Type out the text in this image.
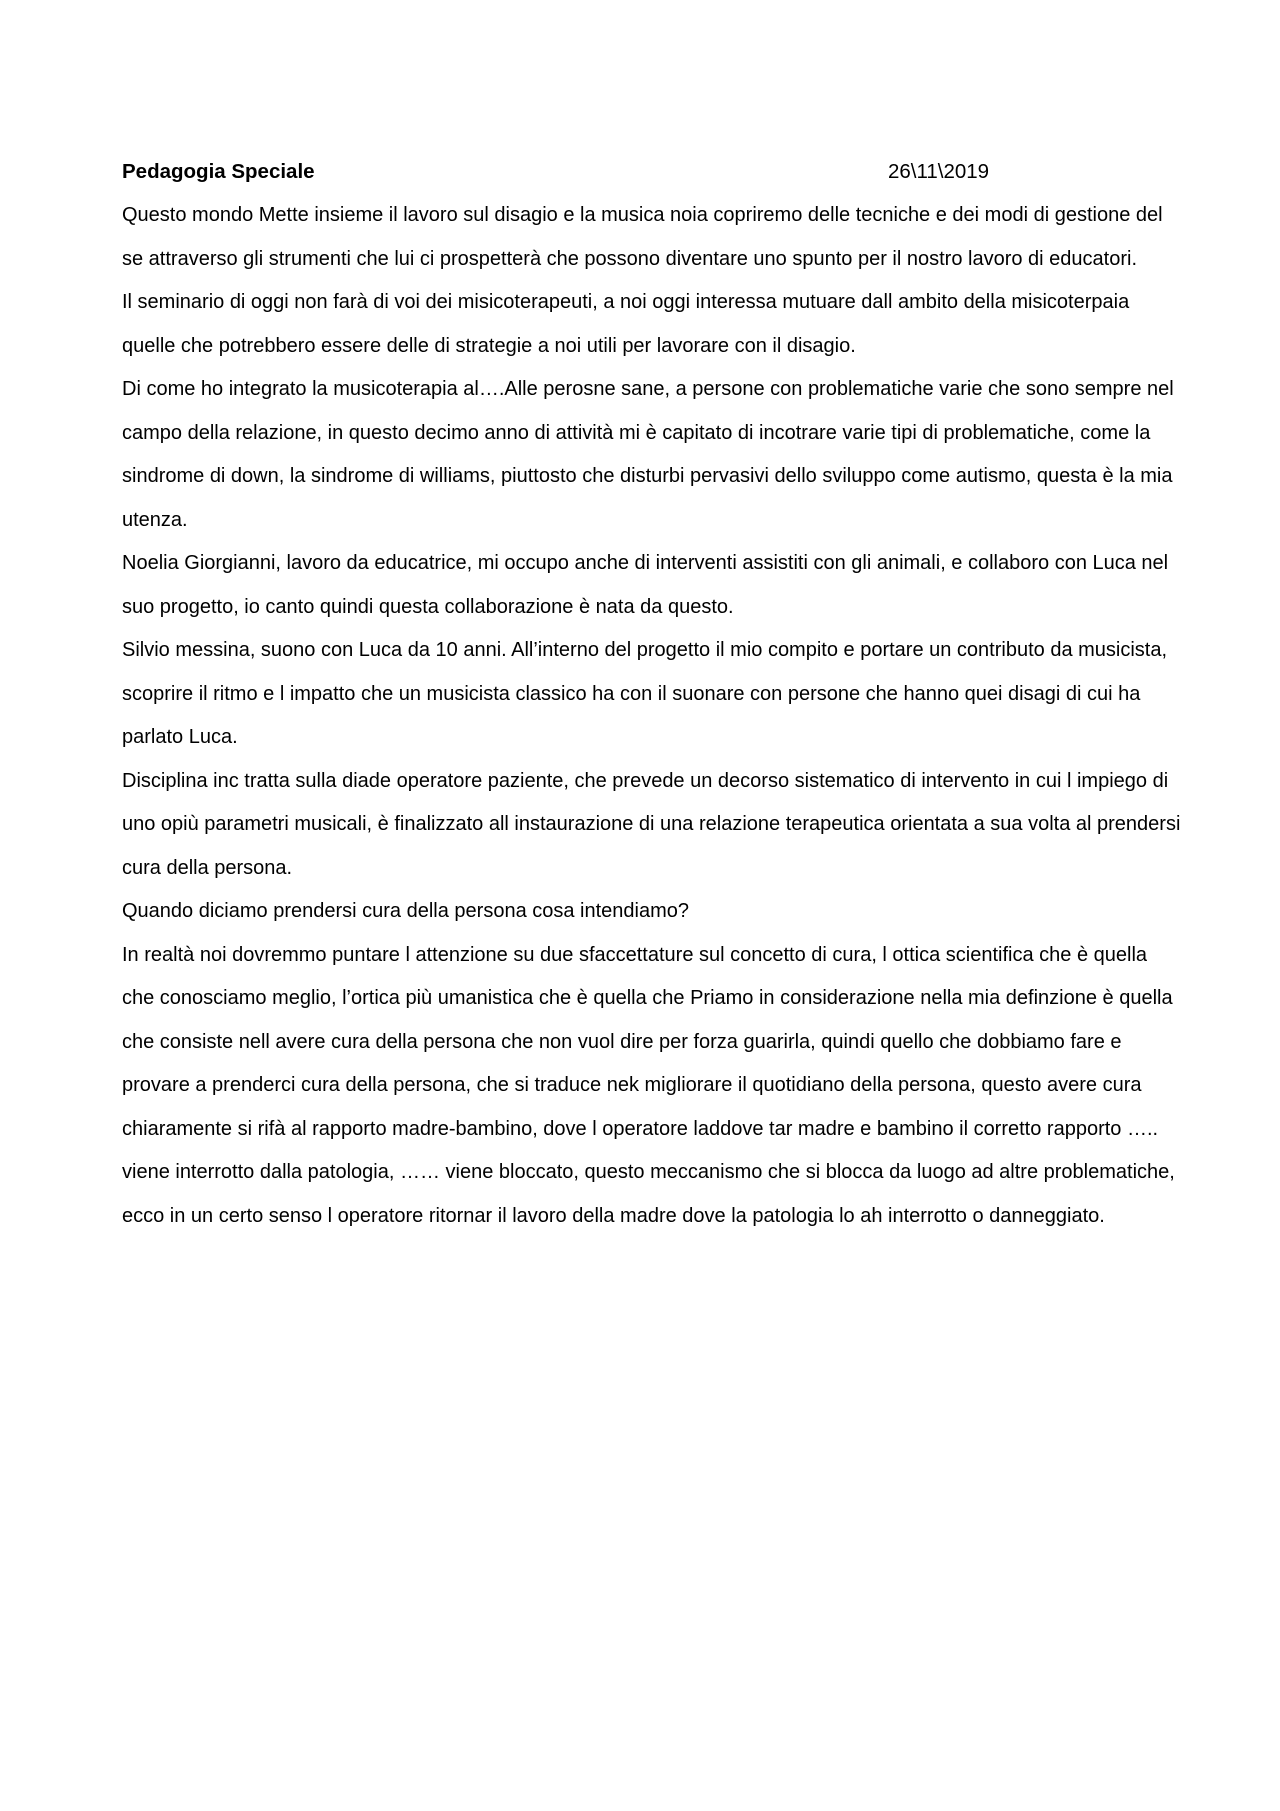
Pedagogia Speciale	26\11\2019

Questo mondo Mette insieme il lavoro sul disagio e la musica noia copriremo delle tecniche e dei modi di gestione del se attraverso gli strumenti che lui ci prospetterà che possono diventare uno spunto per il nostro lavoro di educatori.

Il seminario di oggi non farà di voi dei misicoterapeuti, a noi oggi interessa mutuare dall ambito della misicoterpaia quelle che potrebbero essere delle di strategie a noi utili per lavorare con il disagio.

Di come ho integrato la musicoterapia al….Alle perosne sane, a persone con problematiche varie che sono sempre nel campo della relazione, in questo decimo anno di attività mi è capitato di incotrare varie tipi di problematiche, come la sindrome di down, la sindrome di williams, piuttosto che disturbi pervasivi dello sviluppo come autismo, questa è la mia utenza.

Noelia Giorgianni, lavoro da educatrice, mi occupo anche di interventi assistiti con gli animali, e collaboro con Luca nel suo progetto, io canto quindi questa collaborazione è nata da questo.

Silvio messina, suono con Luca da 10 anni. All’interno del progetto il mio compito e portare un contributo da musicista, scoprire il ritmo e l impatto che un musicista classico ha con il suonare con persone che hanno quei disagi di cui ha parlato Luca.

Disciplina inc tratta sulla diade operatore paziente, che prevede un decorso sistematico di intervento in cui l impiego di uno opiù parametri musicali, è finalizzato all instaurazione di una relazione terapeutica orientata a sua volta al prendersi cura della persona.

Quando diciamo prendersi cura della persona cosa intendiamo?

In realtà noi dovremmo puntare l attenzione su due sfaccettature sul concetto di cura, l ottica scientifica che è quella che conosciamo meglio, l’ortica più umanistica che è quella che Priamo in considerazione nella mia definzione è quella che consiste nell avere cura della persona che non vuol dire per forza guarirla, quindi quello che dobbiamo fare e provare a prenderci cura della persona, che si traduce nek migliorare il quotidiano della persona, questo avere cura chiaramente si rifà al rapporto madre-bambino, dove l operatore laddove tar madre e bambino il corretto rapporto ….. viene interrotto dalla patologia, …… viene bloccato, questo meccanismo che si blocca da luogo ad altre problematiche, ecco in un certo senso l operatore ritornar il lavoro della madre dove la patologia lo ah interrotto o danneggiato.
